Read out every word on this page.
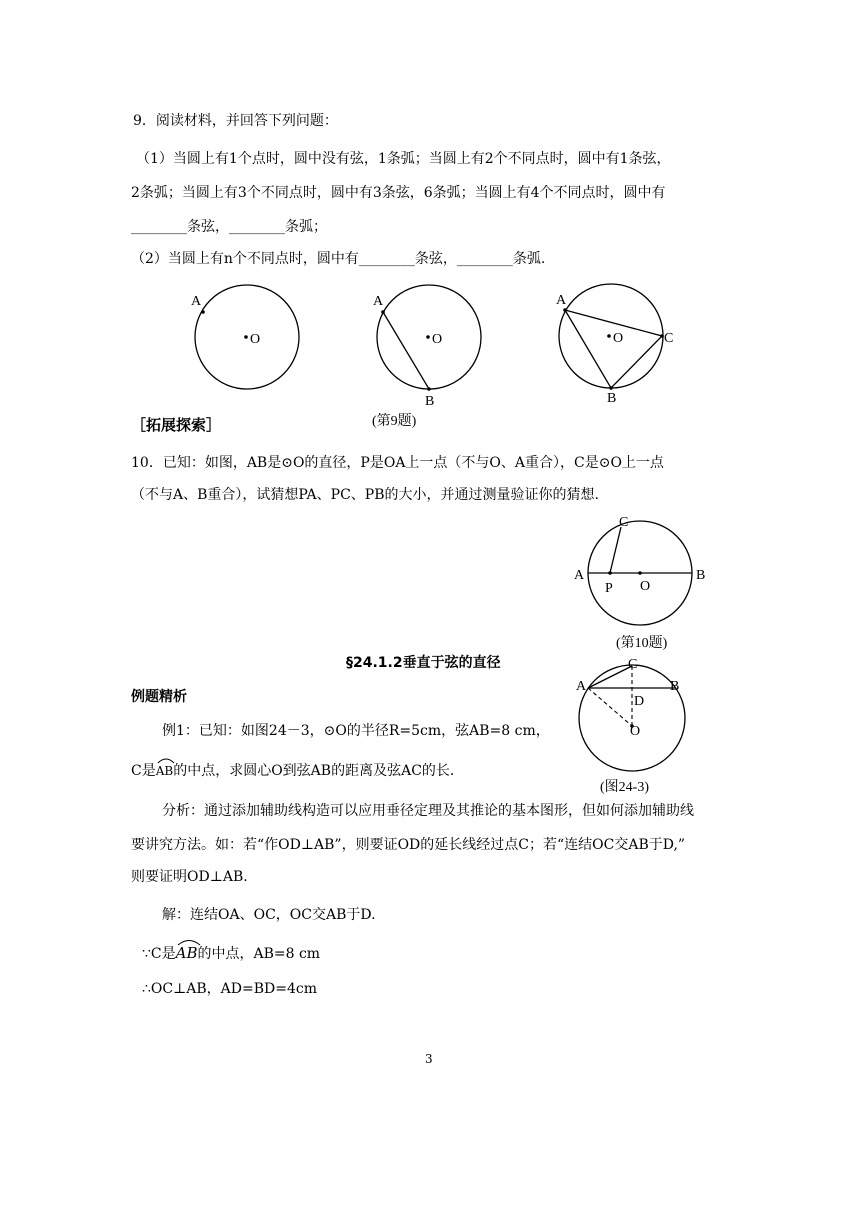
9．阅读材料，并回答下列问题：
（1）当圆上有1个点时，圆中没有弦，1条弧；当圆上有2个不同点时，圆中有1条弦，
2条弧；当圆上有3个不同点时，圆中有3条弦，6条弧；当圆上有4个不同点时，圆中有
________条弦，________条弧；
（2）当圆上有n个不同点时，圆中有________条弦，________条弧.
A
O
A
B
O
A
B
C
O
A	B
C
P O
A	B
C
D
O
(第9题)
［拓展探索］
10．已知：如图，AB是⊙O的直径，P是OA上一点（不与O、A重合），C是⊙O上一点
（不与A、B重合），试猜想PA、PC、PB的大小，并通过测量验证你的猜想.
(第10题)
§24.1.2垂直于弦的直径
例题精析
例1：已知：如图24－3，⊙O的半径R=5cm，弦AB=8 cm，
C是
AB的中点，求圆心O到弦AB的距离及弦AC的长.
(图24-3)
分析：通过添加辅助线构造可以应用垂径定理及其推论的基本图形，但如何添加辅助线
要讲究方法。如：若“作OD⊥AB”，则要证OD的延长线经过点C；若“连结OC交AB于D,”
则要证明OD⊥AB.
解：连结OA、OC，OC交AB于D.
∵C是
AB的中点，AB=8 cm
∴OC⊥AB，AD=BD=4cm
3
